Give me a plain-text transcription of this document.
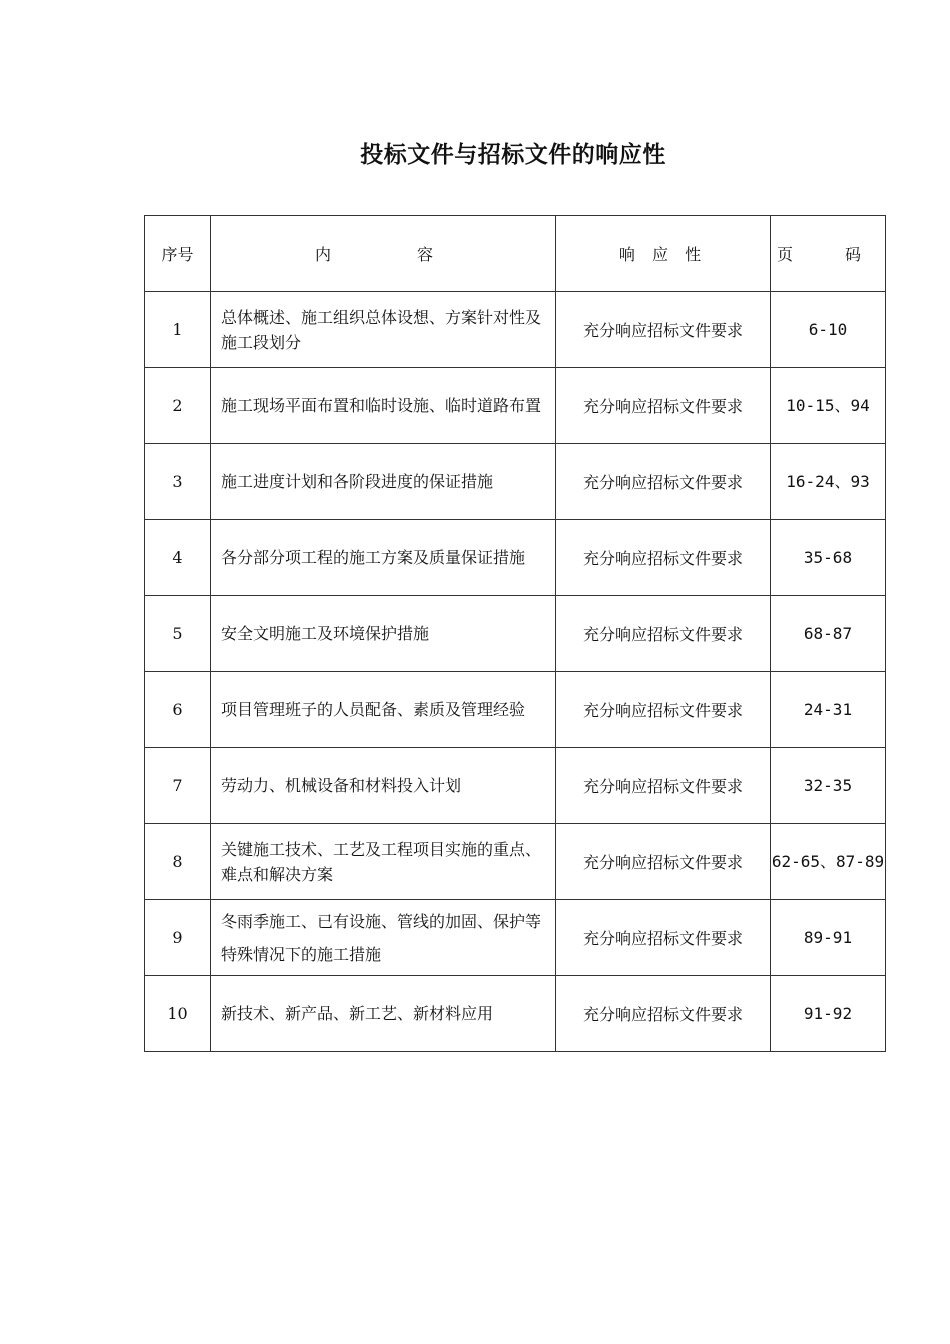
投标文件与招标文件的响应性
序号	内　　容	响 应 性	页　码
1	总体概述、施工组织总体设想、方案针对性及施工段划分	充分响应招标文件要求	6-10
2	施工现场平面布置和临时设施、临时道路布置	充分响应招标文件要求	10-15、94
3	施工进度计划和各阶段进度的保证措施	充分响应招标文件要求	16-24、93
4	各分部分项工程的施工方案及质量保证措施	充分响应招标文件要求	35-68
5	安全文明施工及环境保护措施	充分响应招标文件要求	68-87
6	项目管理班子的人员配备、素质及管理经验	充分响应招标文件要求	24-31
7	劳动力、机械设备和材料投入计划	充分响应招标文件要求	32-35
8	关键施工技术、工艺及工程项目实施的重点、难点和解决方案	充分响应招标文件要求	62-65、87-89
9	冬雨季施工、已有设施、管线的加固、保护等特殊情况下的施工措施	充分响应招标文件要求	89-91
10	新技术、新产品、新工艺、新材料应用	充分响应招标文件要求	91-92
